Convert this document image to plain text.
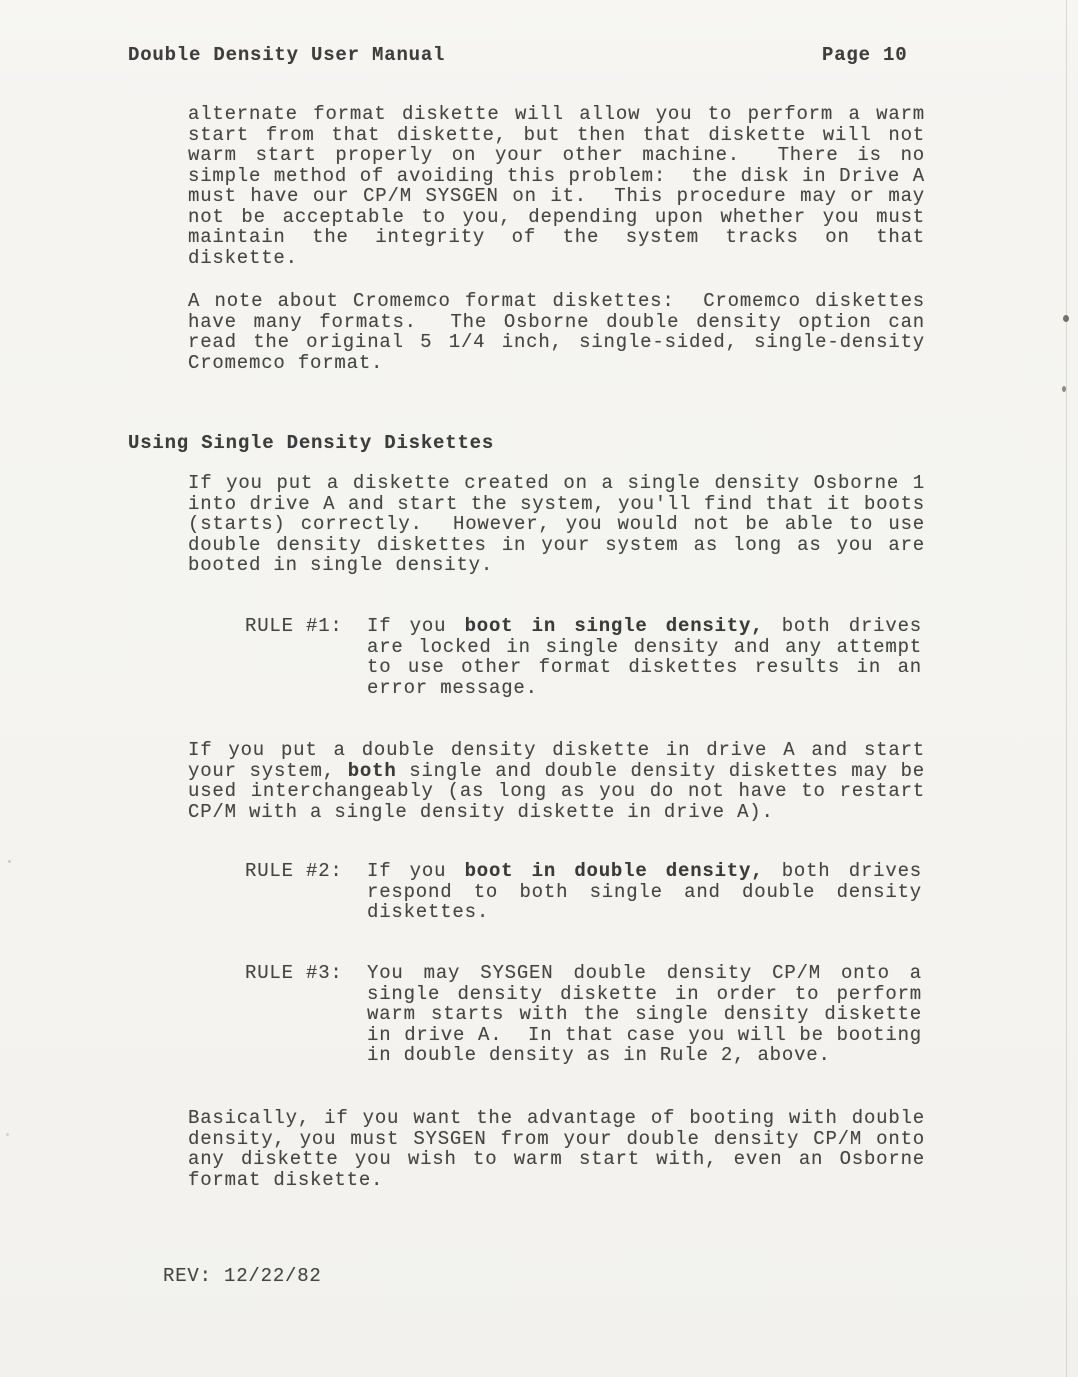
Double Density User Manual	Page 10

alternate format diskette will allow you to perform a warm start from that diskette, but then that diskette will not warm start properly on your other machine.  There is no simple method of avoiding this problem:  the disk in Drive A must have our CP/M SYSGEN on it.  This procedure may or may not be acceptable to you, depending upon whether you must maintain the integrity of the system tracks on that diskette.

A note about Cromemco format diskettes:  Cromemco diskettes have many formats.  The Osborne double density option can read the original 5 1/4 inch, single-sided, single-density Cromemco format.

Using Single Density Diskettes

If you put a diskette created on a single density Osborne 1 into drive A and start the system, you'll find that it boots (starts) correctly.  However, you would not be able to use double density diskettes in your system as long as you are booted in single density.

RULE #1:	If you boot in single density, both drives are locked in single density and any attempt to use other format diskettes results in an error message.

If you put a double density diskette in drive A and start your system, both single and double density diskettes may be used interchangeably (as long as you do not have to restart CP/M with a single density diskette in drive A).

RULE #2:	If you boot in double density, both drives respond to both single and double density diskettes.
RULE #3:	You may SYSGEN double density CP/M onto a single density diskette in order to perform warm starts with the single density diskette in drive A.  In that case you will be booting in double density as in Rule 2, above.

Basically, if you want the advantage of booting with double density, you must SYSGEN from your double density CP/M onto any diskette you wish to warm start with, even an Osborne format diskette.

REV: 12/22/82
